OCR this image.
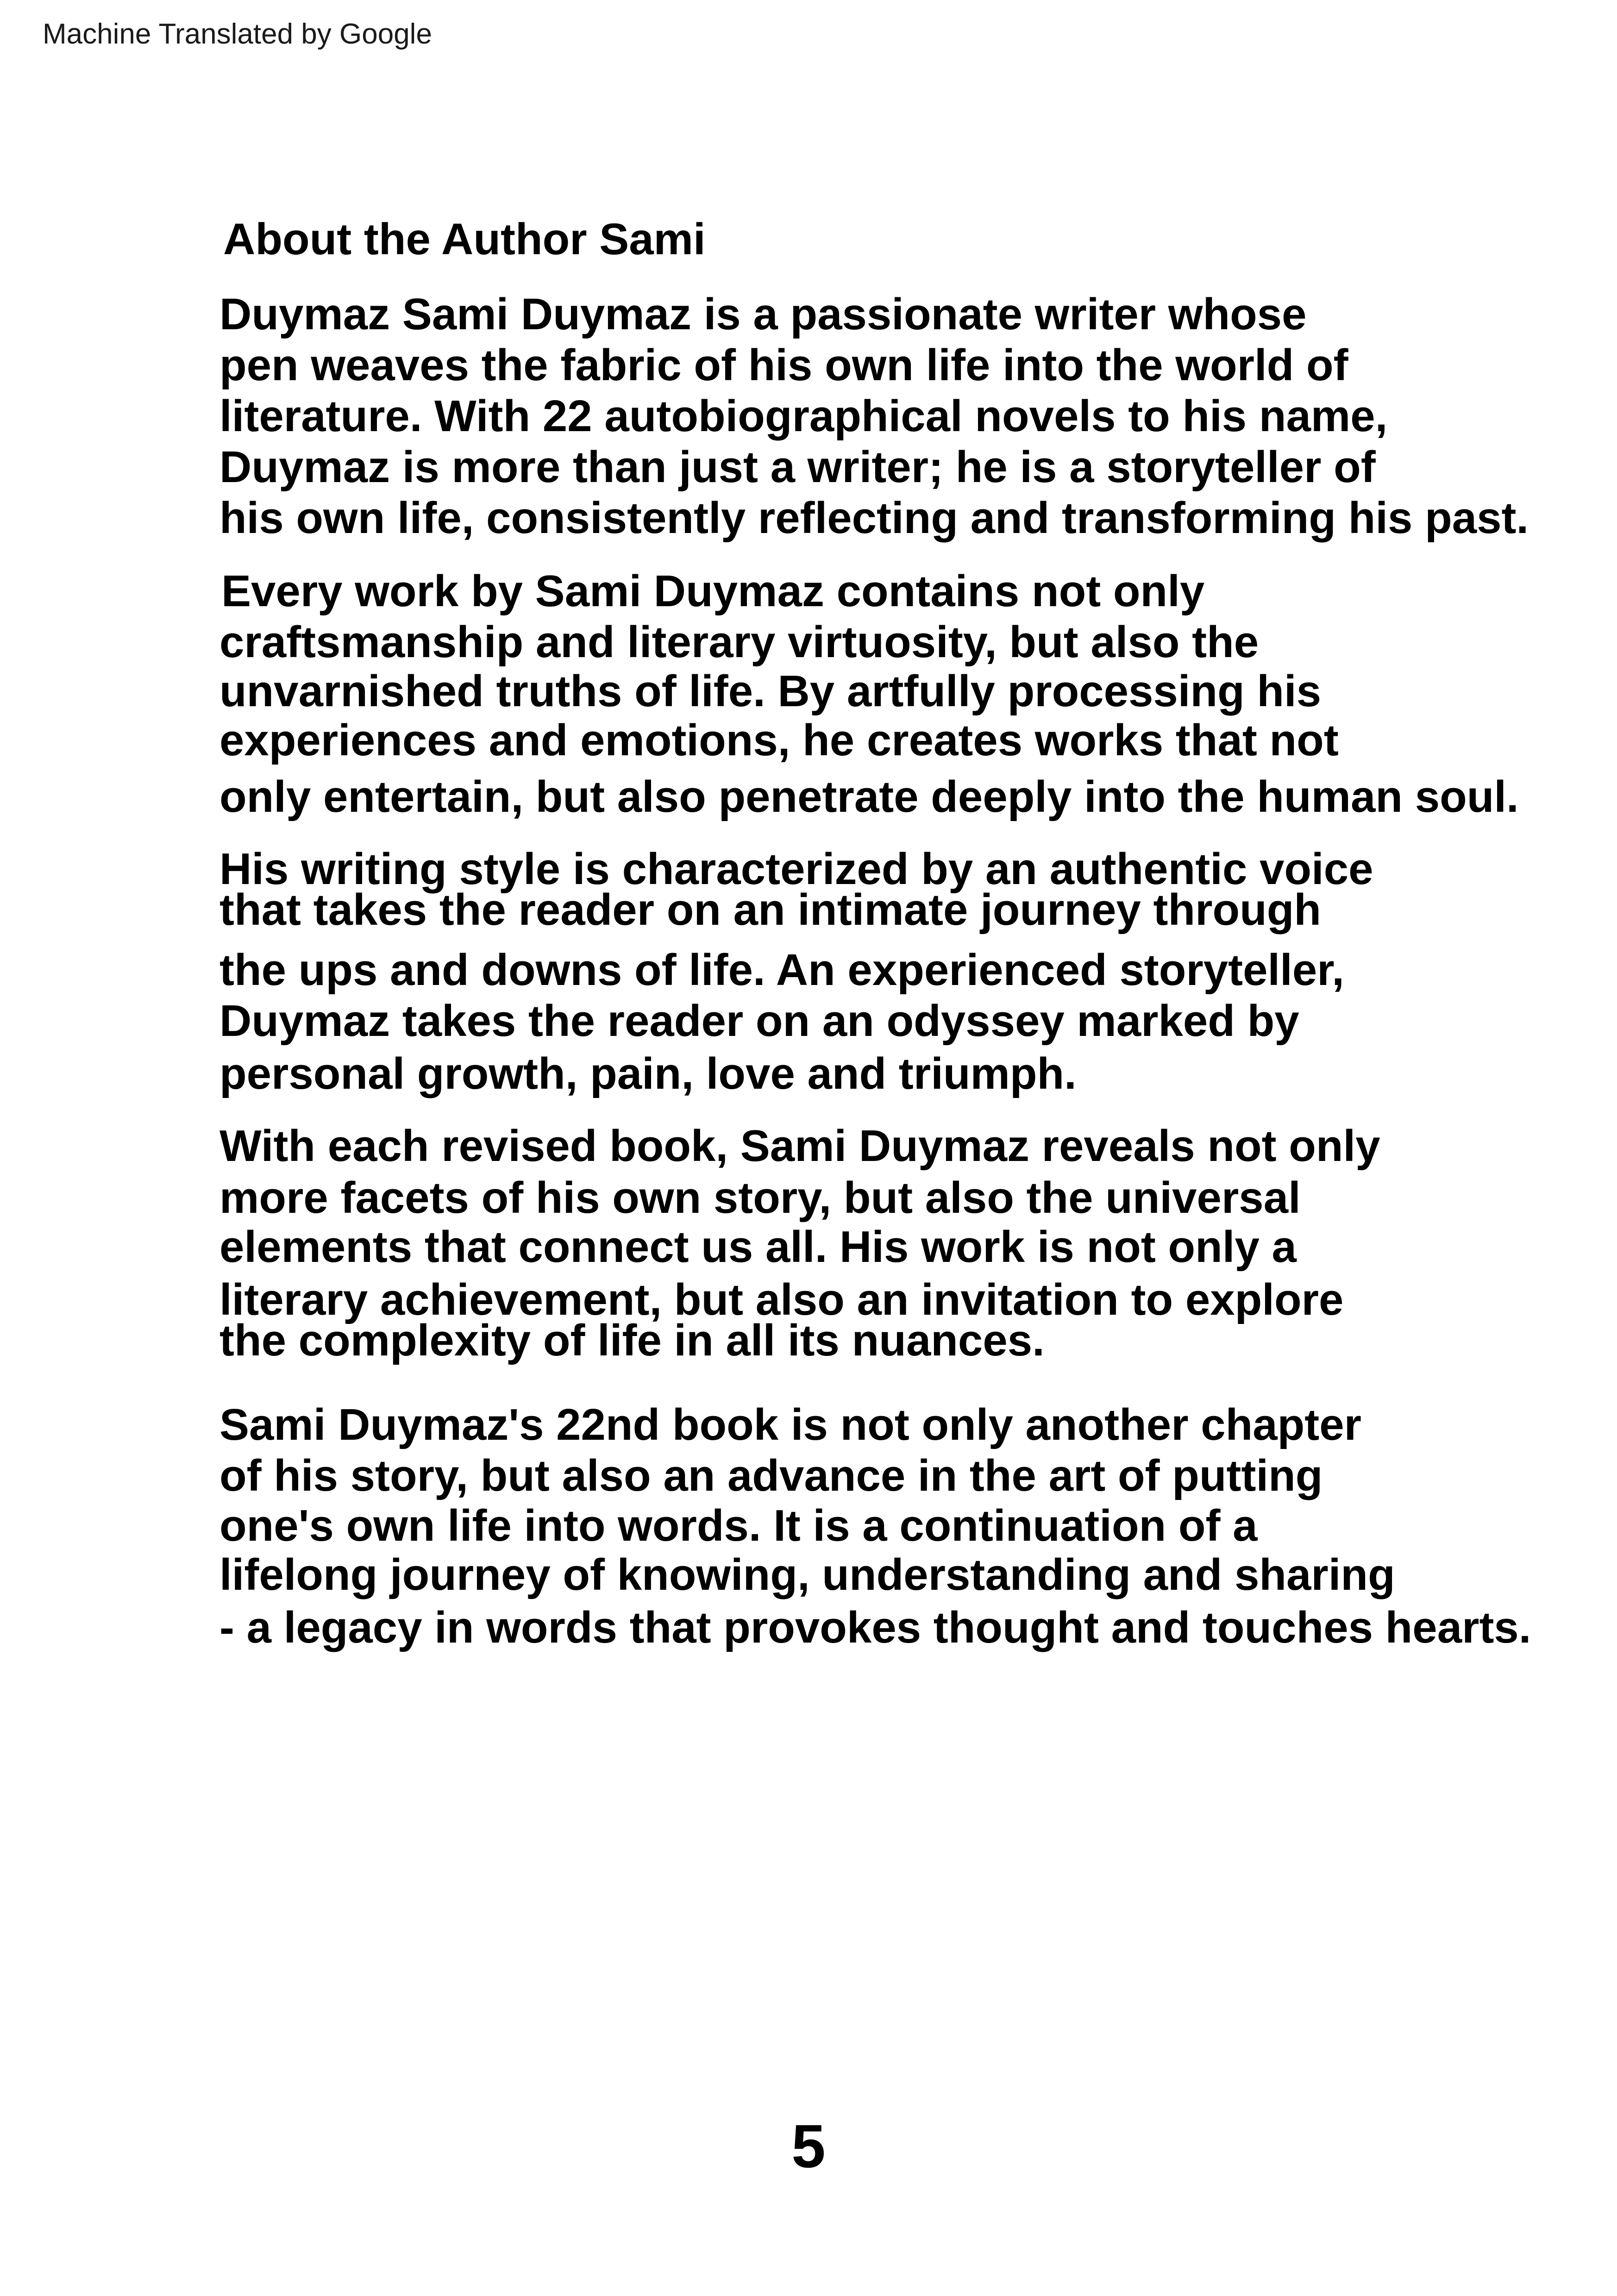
Machine Translated by Google
About the Author Sami
Duymaz Sami Duymaz is a passionate writer whose
pen weaves the fabric of his own life into the world of
literature. With 22 autobiographical novels to his name,
Duymaz is more than just a writer; he is a storyteller of
his own life, consistently reflecting and transforming his past.
Every work by Sami Duymaz contains not only
craftsmanship and literary virtuosity, but also the
unvarnished truths of life. By artfully processing his
experiences and emotions, he creates works that not
only entertain, but also penetrate deeply into the human soul.
His writing style is characterized by an authentic voice
that takes the reader on an intimate journey through
the ups and downs of life. An experienced storyteller,
Duymaz takes the reader on an odyssey marked by
personal growth, pain, love and triumph.
With each revised book, Sami Duymaz reveals not only
more facets of his own story, but also the universal
elements that connect us all. His work is not only a
literary achievement, but also an invitation to explore
the complexity of life in all its nuances.
Sami Duymaz's 22nd book is not only another chapter
of his story, but also an advance in the art of putting
one's own life into words. It is a continuation of a
lifelong journey of knowing, understanding and sharing
- a legacy in words that provokes thought and touches hearts.
5
